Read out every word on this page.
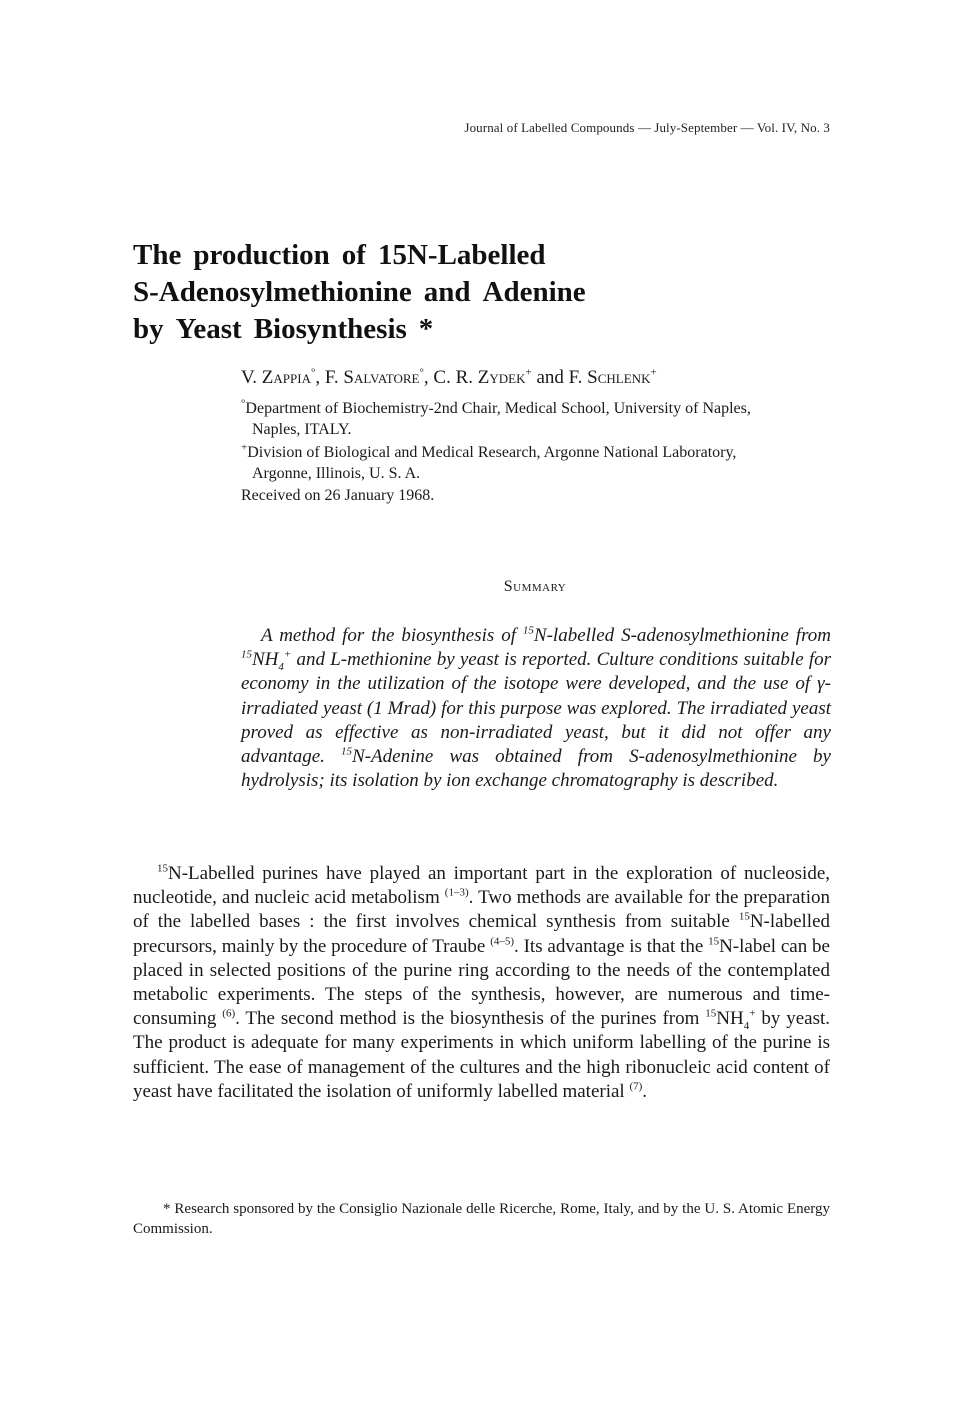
Journal of Labelled Compounds — July-September — Vol. IV, No. 3
The production of 15N-Labelled
S-Adenosylmethionine and Adenine
by Yeast Biosynthesis *
V. Zappia°, F. Salvatore°, C. R. Zydek+ and F. Schlenk+
°Department of Biochemistry-2nd Chair, Medical School, University of Naples,
Naples, ITALY.
+Division of Biological and Medical Research, Argonne National Laboratory,
Argonne, Illinois, U. S. A.
Received on 26 January 1968.
Summary
A method for the biosynthesis of $^{15}$N-labelled S-adenosylmethionine from $^{15}NH_4^+$ and L-methionine by yeast is reported. Culture conditions suitable for economy in the utilization of the isotope were developed, and the use of γ-irradiated yeast (1 Mrad) for this purpose was explored. The irradiated yeast proved as effective as non-irradiated yeast, but it did not offer any advantage. $^{15}$N-Adenine was obtained from S-adenosylmethionine by hydrolysis; its isolation by ion exchange chromatography is described.
$^{15}$N-Labelled purines have played an important part in the exploration of nucleoside, nucleotide, and nucleic acid metabolism $^{(1-3)}$. Two methods are available for the preparation of the labelled bases : the first involves chemical synthesis from suitable $^{15}$N-labelled precursors, mainly by the procedure of Traube $^{(4-5)}$. Its advantage is that the $^{15}$N-label can be placed in selected positions of the purine ring according to the needs of the contemplated metabolic experiments. The steps of the synthesis, however, are numerous and time-consuming $^{(6)}$. The second method is the biosynthesis of the purines from $^{15}NH_4^+$ by yeast. The product is adequate for many experiments in which uniform labelling of the purine is sufficient. The ease of management of the cultures and the high ribonucleic acid content of yeast have facilitated the isolation of uniformly labelled material $^{(7)}$.
* Research sponsored by the Consiglio Nazionale delle Ricerche, Rome, Italy, and by the U. S. Atomic Energy Commission.
